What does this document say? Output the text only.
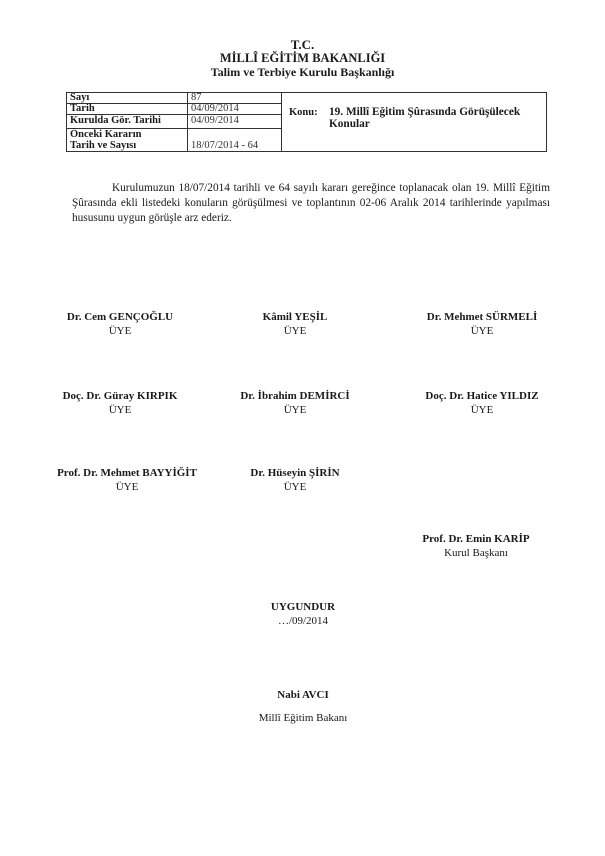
T.C.
MİLLÎ EĞİTİM BAKANLIĞI
Talim ve Terbiye Kurulu Başkanlığı
Sayı	87
Tarih	04/09/2014
Kurulda Gör. Tarihi	04/09/2014
Önceki Kararın
Tarih ve Sayısı	18/07/2014 - 64
Konu: 19. Millî Eğitim Şûrasında Görüşülecek
Konular
Kurulumuzun 18/07/2014 tarihli ve 64 sayılı kararı gereğince toplanacak olan 19. Millî Eğitim Şûrasında ekli listedeki konuların görüşülmesi ve toplantının 02-06 Aralık 2014 tarihlerinde yapılması hususunu uygun görüşle arz ederiz.
Dr. Cem GENÇOĞLU
ÜYE
Kâmil YEŞİL
ÜYE
Dr. Mehmet SÜRMELİ
ÜYE
Doç. Dr. Güray KIRPIK
ÜYE
Dr. İbrahim DEMİRCİ
ÜYE
Doç. Dr. Hatice YILDIZ
ÜYE
Prof. Dr. Mehmet BAYYİĞİT
ÜYE
Dr. Hüseyin ŞİRİN
ÜYE
Prof. Dr. Emin KARİP
Kurul Başkanı
UYGUNDUR
…/09/2014
Nabi AVCI
Millî Eğitim Bakanı
